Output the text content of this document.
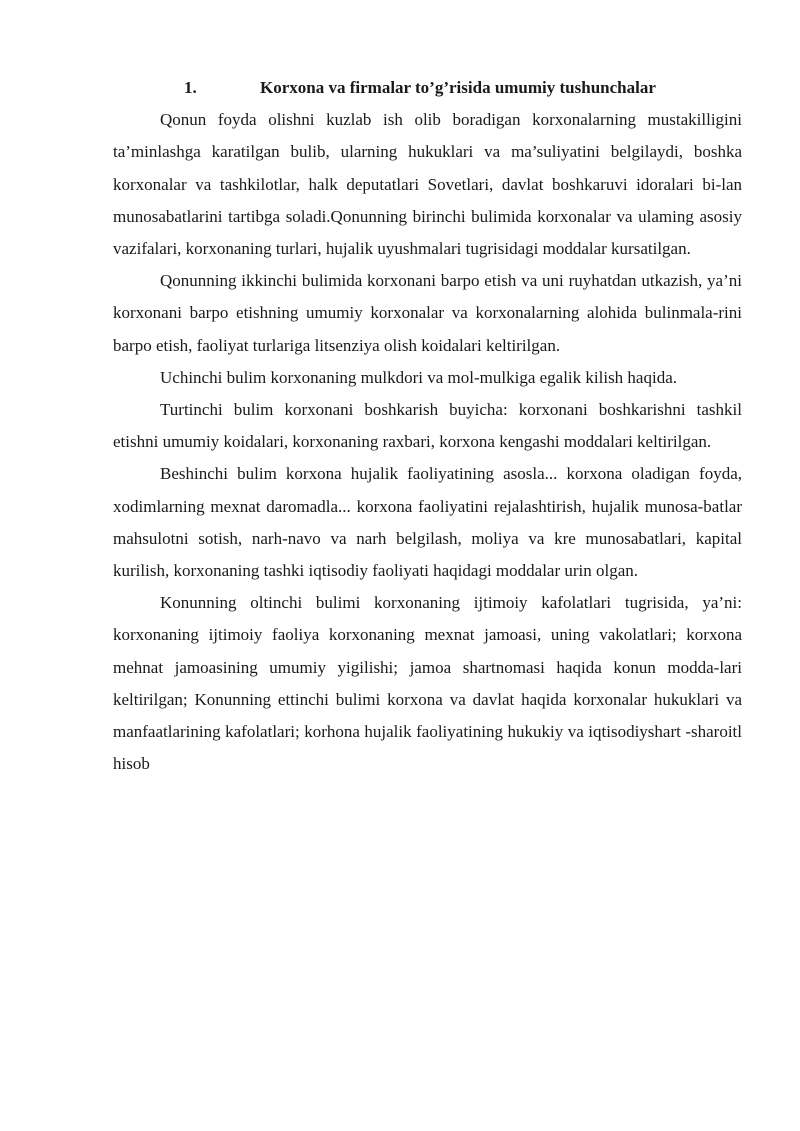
1.	Korxona va firmalar to’g’risida umumiy tushunchalar

Qonun foyda olishni kuzlab ish olib boradigan korxonalarning mustakilligini ta’minlashga karatilgan bulib, ularning hukuklari va ma’suliyatini belgilaydi, boshka korxonalar va tashkilotlar, halk deputatlari Sovetlari, davlat boshkaruvi idoralari bi-lan munosabatlarini tartibga soladi.Qonunning birinchi bulimida korxonalar va ulaming asosiy vazifalari, korxonaning turlari, hujalik uyushmalari tugrisidagi moddalar kursatilgan.

Qonunning ikkinchi bulimida korxonani barpo etish va uni ruyhatdan utkazish, ya’ni korxonani barpo etishning umumiy korxonalar va korxonalarning alohida bulinmala-rini barpo etish, faoliyat turlariga litsenziya olish koidalari keltirilgan.

Uchinchi bulim korxonaning mulkdori va mol-mulkiga egalik kilish haqida.

Turtinchi bulim korxonani boshkarish buyicha: korxonani boshkarishni tashkil etishni umumiy koidalari, korxonaning raxbari, korxona kengashi moddalari keltirilgan.

Beshinchi bulim korxona hujalik faoliyatining asosla... korxona oladigan foyda, xodimlarning mexnat daromadla... korxona faoliyatini rejalashtirish, hujalik munosa-batlar mahsulotni sotish, narh-navo va narh belgilash, moliya va kre munosabatlari, kapital kurilish, korxonaning tashki iqtisodiy faoliyati haqidagi moddalar urin olgan.

Konunning oltinchi bulimi korxonaning ijtimoiy kafolatlari tugrisida, ya’ni: korxonaning ijtimoiy faoliya korxonaning mexnat jamoasi, uning vakolatlari; korxona mehnat jamoasining umumiy yigilishi; jamoa shartnomasi haqida konun modda-lari keltirilgan; Konunning ettinchi bulimi korxona va davlat haqida korxonalar hukuklari va manfaatlarining kafolatlari; korhona hujalik faoliyatining hukukiy va iqtisodiyshart -sharoitl hisob
